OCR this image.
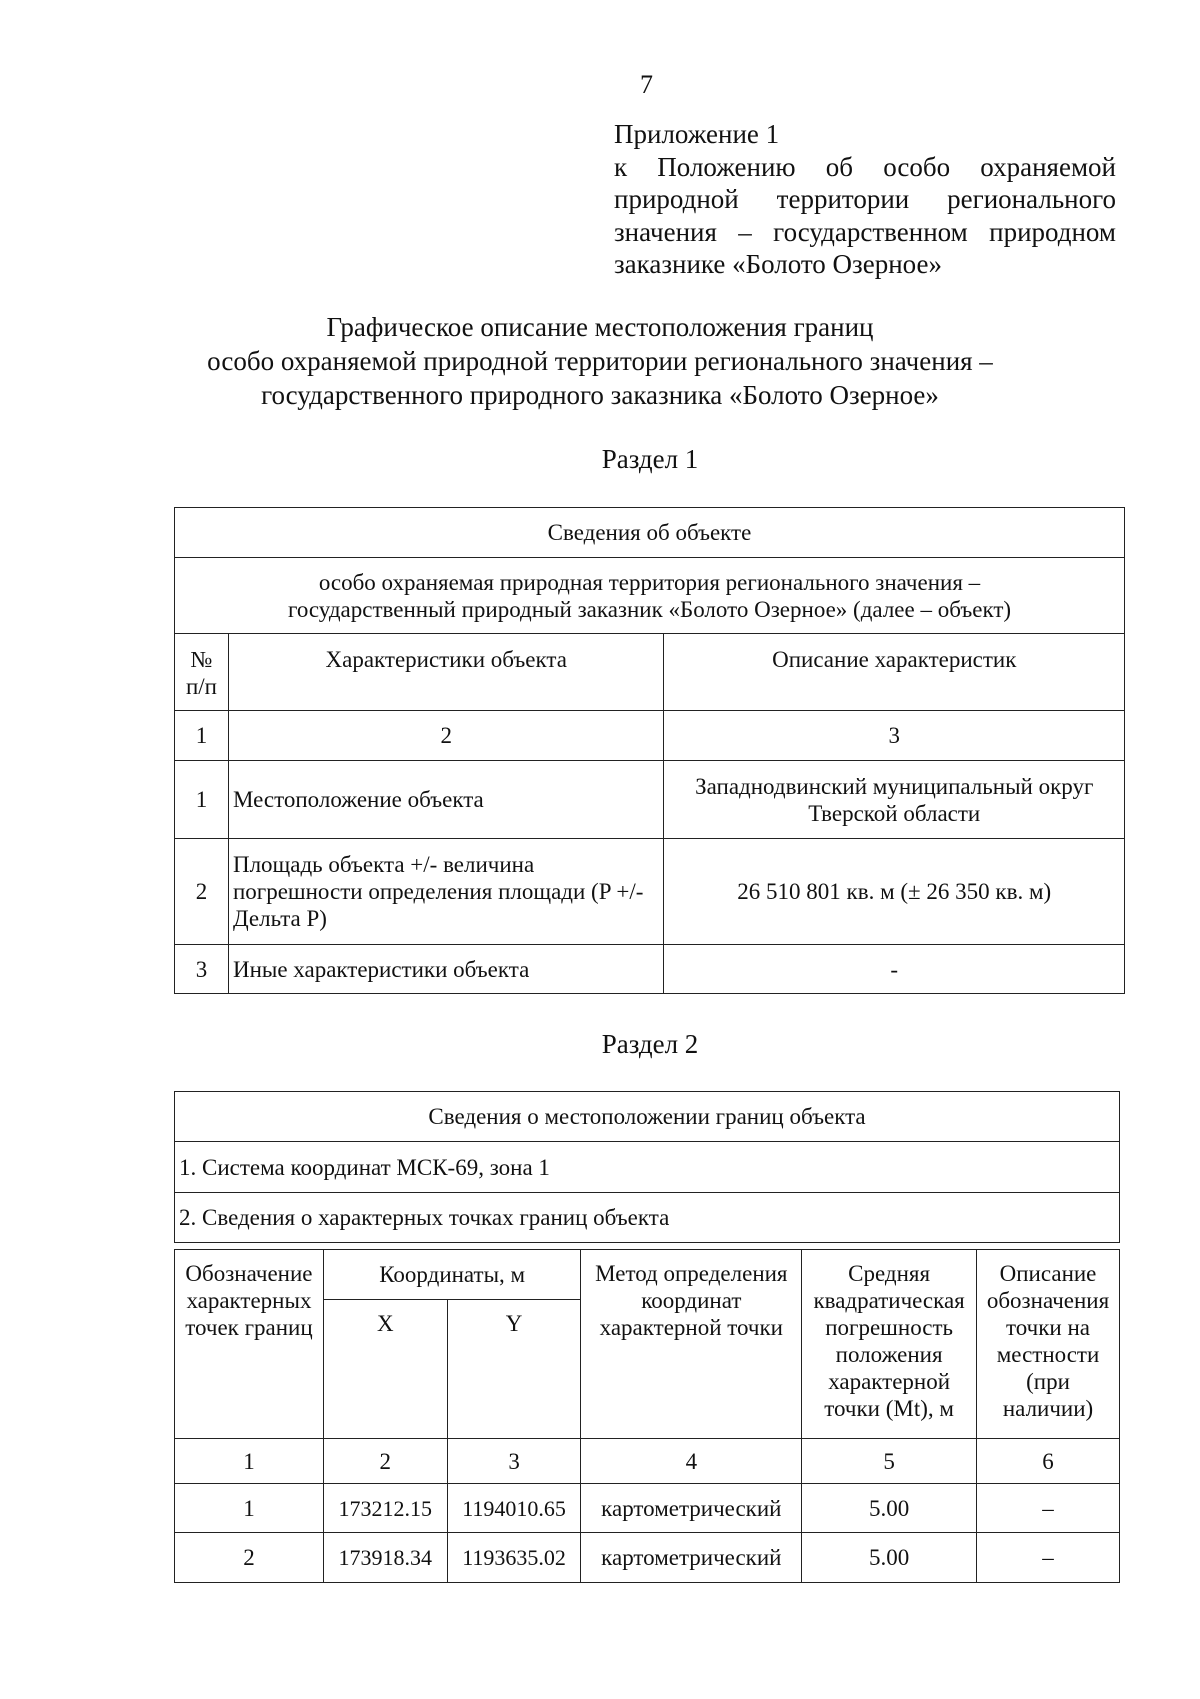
7
Приложение 1
к Положению об особо охраняемой
природной территории регионального
значения – государственном природном
заказнике «Болото Озерное»
Графическое описание местоположения границ
особо охраняемой природной территории регионального значения –
государственного природного заказника «Болото Озерное»
Раздел 1
Сведения об объекте		

особо охраняемая природная территория регионального значения –
государственный природный заказник «Болото Озерное» (далее – объект)		

№ п/п	Характеристики объекта	Описание характеристик
1	2	3
1	Местоположение объекта	Западнодвинский муниципальный округ Тверской области
2	Площадь объекта +/- величина погрешности определения площади (P +/- Дельта P)	26 510 801 кв. м (± 26 350 кв. м)
3	Иные характеристики объекта	-
Раздел 2
Сведения о местоположении границ объекта
1. Система координат МСК-69, зона 1
2. Сведения о характерных точках границ объекта
Обозначение характерных точек границ	Координаты, м		Метод определения координат характерной точки	Средняя квадратическая погрешность положения характерной точки (Mt), м	Описание обозначения точки на местности (при наличии)
	X	Y			
1	2	3	4	5	6
1	173212.15	1194010.65	картометрический	5.00	–
2	173918.34	1193635.02	картометрический	5.00	–
